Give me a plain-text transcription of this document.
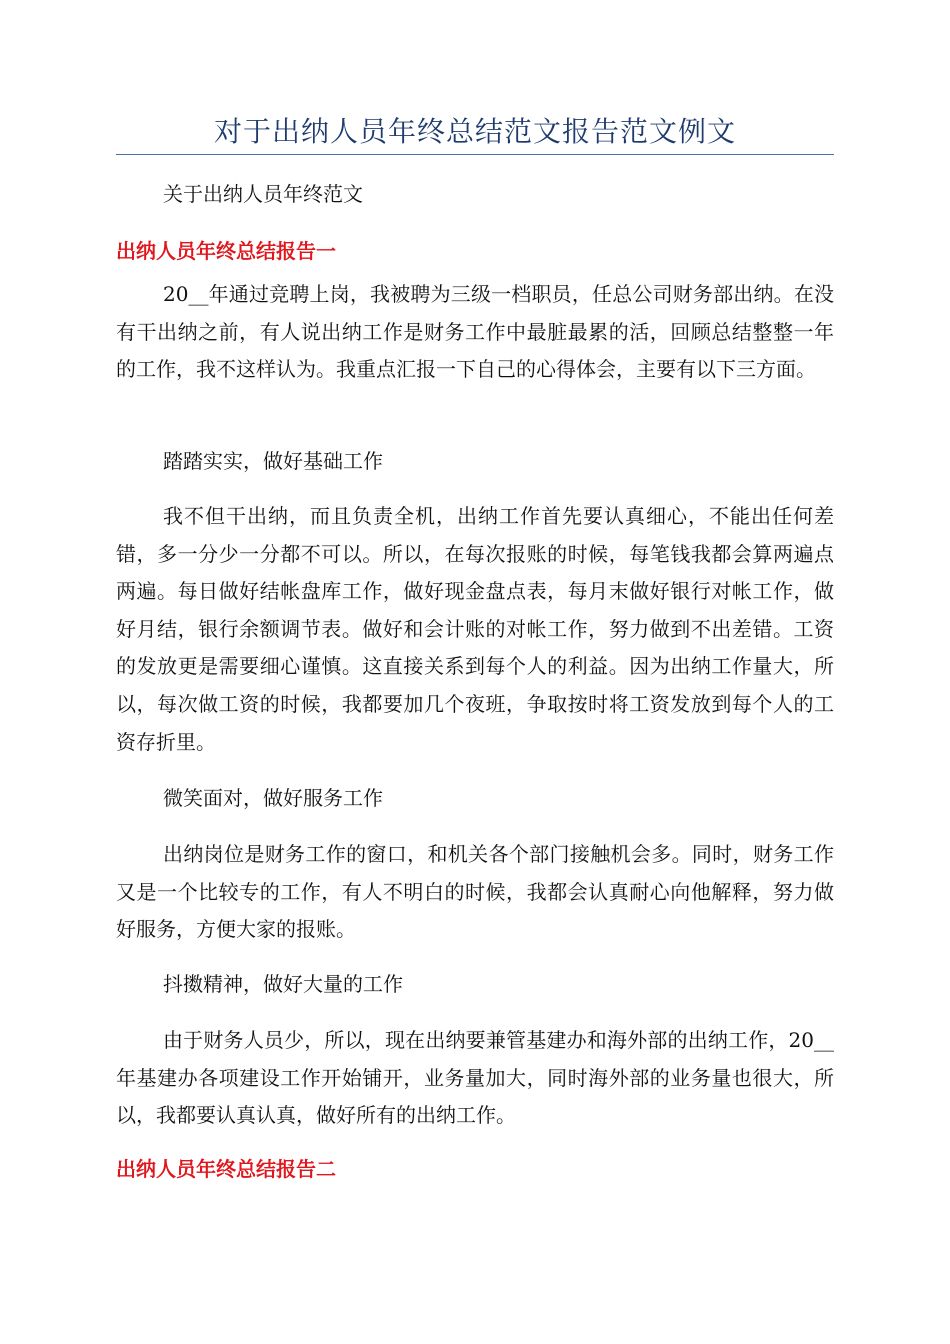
对于出纳人员年终总结范文报告范文例文

关于出纳人员年终范文

出纳人员年终总结报告一

20__年通过竞聘上岗，我被聘为三级一档职员，任总公司财务部出纳。在没有干出纳之前，有人说出纳工作是财务工作中最脏最累的活，回顾总结整整一年的工作，我不这样认为。我重点汇报一下自己的心得体会，主要有以下三方面。

踏踏实实，做好基础工作

我不但干出纳，而且负责全机，出纳工作首先要认真细心，不能出任何差错，多一分少一分都不可以。所以，在每次报账的时候，每笔钱我都会算两遍点两遍。每日做好结帐盘库工作，做好现金盘点表，每月末做好银行对帐工作，做好月结，银行余额调节表。做好和会计账的对帐工作，努力做到不出差错。工资的发放更是需要细心谨慎。这直接关系到每个人的利益。因为出纳工作量大，所以，每次做工资的时候，我都要加几个夜班，争取按时将工资发放到每个人的工资存折里。

微笑面对，做好服务工作

出纳岗位是财务工作的窗口，和机关各个部门接触机会多。同时，财务工作又是一个比较专的工作，有人不明白的时候，我都会认真耐心向他解释，努力做好服务，方便大家的报账。

抖擞精神，做好大量的工作

由于财务人员少，所以，现在出纳要兼管基建办和海外部的出纳工作，20__年基建办各项建设工作开始铺开，业务量加大，同时海外部的业务量也很大，所以，我都要认真认真，做好所有的出纳工作。

出纳人员年终总结报告二
